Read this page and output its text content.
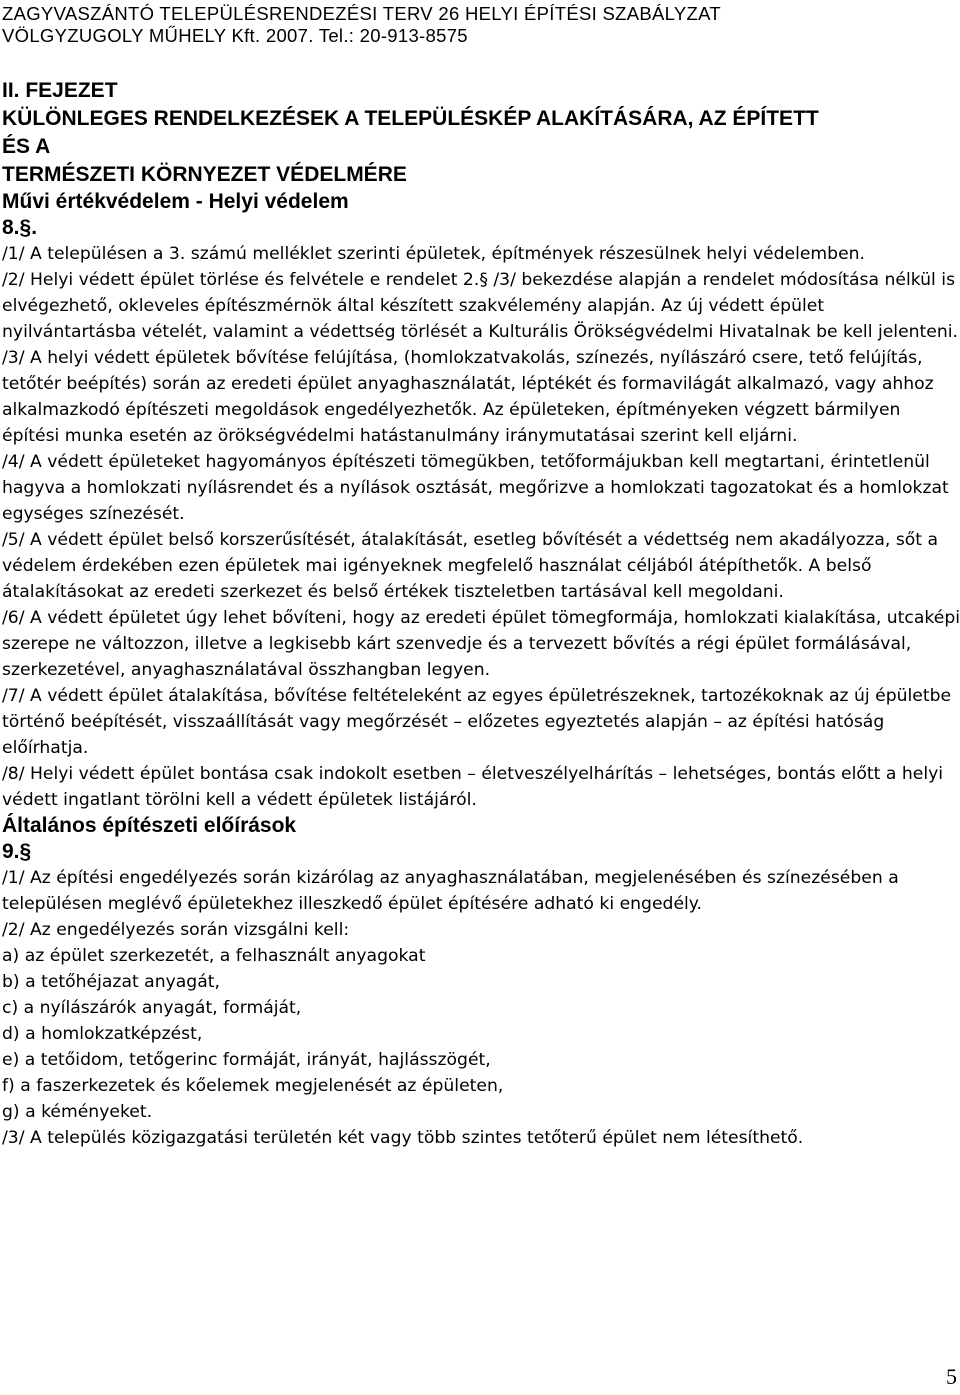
ZAGYVASZÁNTÓ TELEPÜLÉSRENDEZÉSI TERV 26 HELYI ÉPÍTÉSI SZABÁLYZAT

VÖLGYZUGOLY MŰHELY Kft. 2007. Tel.: 20-913-8575

II. FEJEZET

KÜLÖNLEGES RENDELKEZÉSEK A TELEPÜLÉSKÉP ALAKÍTÁSÁRA, AZ ÉPÍTETT

ÉS A

TERMÉSZETI KÖRNYEZET VÉDELMÉRE

Művi értékvédelem - Helyi védelem

8.§.

/1/ A településen a 3. számú melléklet szerinti épületek, építmények részesülnek helyi védelemben.

/2/ Helyi védett épület törlése és felvétele e rendelet 2.§ /3/ bekezdése alapján a rendelet módosítása nélkül is elvégezhető, okleveles építészmérnök által készített szakvélemény alapján. Az új védett épület nyilvántartásba vételét, valamint a védettség törlését a Kulturális Örökségvédelmi Hivatalnak be kell jelenteni.

/3/ A helyi védett épületek bővítése felújítása, (homlokzatvakolás, színezés, nyílászáró csere, tető felújítás, tetőtér beépítés) során az eredeti épület anyaghasználatát, léptékét és formavilágát alkalmazó, vagy ahhoz alkalmazkodó építészeti megoldások engedélyezhetők. Az épületeken, építményeken végzett bármilyen építési munka esetén az örökségvédelmi hatástanulmány iránymutatásai szerint kell eljárni.

/4/ A védett épületeket hagyományos építészeti tömegükben, tetőformájukban kell megtartani, érintetlenül hagyva a homlokzati nyílásrendet és a nyílások osztását, megőrizve a homlokzati tagozatokat és a homlokzat egységes színezését.

/5/ A védett épület belső korszerűsítését, átalakítását, esetleg bővítését a védettség nem akadályozza, sőt a védelem érdekében ezen épületek mai igényeknek megfelelő használat céljából átépíthetők. A belső átalakításokat az eredeti szerkezet és belső értékek tiszteletben tartásával kell megoldani.

/6/ A védett épületet úgy lehet bővíteni, hogy az eredeti épület tömegformája, homlokzati kialakítása, utcaképi szerepe ne változzon, illetve a legkisebb kárt szenvedje és a tervezett bővítés a régi épület formálásával, szerkezetével, anyaghasználatával összhangban legyen.

/7/ A védett épület átalakítása, bővítése feltételeként az egyes épületrészeknek, tartozékoknak az új épületbe történő beépítését, visszaállítását vagy megőrzését – előzetes egyeztetés alapján – az építési hatóság előírhatja.

/8/ Helyi védett épület bontása csak indokolt esetben – életveszélyelhárítás – lehetséges, bontás előtt a helyi védett ingatlant törölni kell a védett épületek listájáról.

Általános építészeti előírások

9.§

/1/ Az építési engedélyezés során kizárólag az anyaghasználatában, megjelenésében és színezésében a településen meglévő épületekhez illeszkedő épület építésére adható ki engedély.

/2/ Az engedélyezés során vizsgálni kell:

a) az épület szerkezetét, a felhasznált anyagokat

b) a tetőhéjazat anyagát,

c) a nyílászárók anyagát, formáját,

d) a homlokzatképzést,

e) a tetőidom, tetőgerinc formáját, irányát, hajlásszögét,

f) a faszerkezetek és kőelemek megjelenését az épületen,

g) a kéményeket.

/3/ A település közigazgatási területén két vagy több szintes tetőterű épület nem létesíthető.

5
